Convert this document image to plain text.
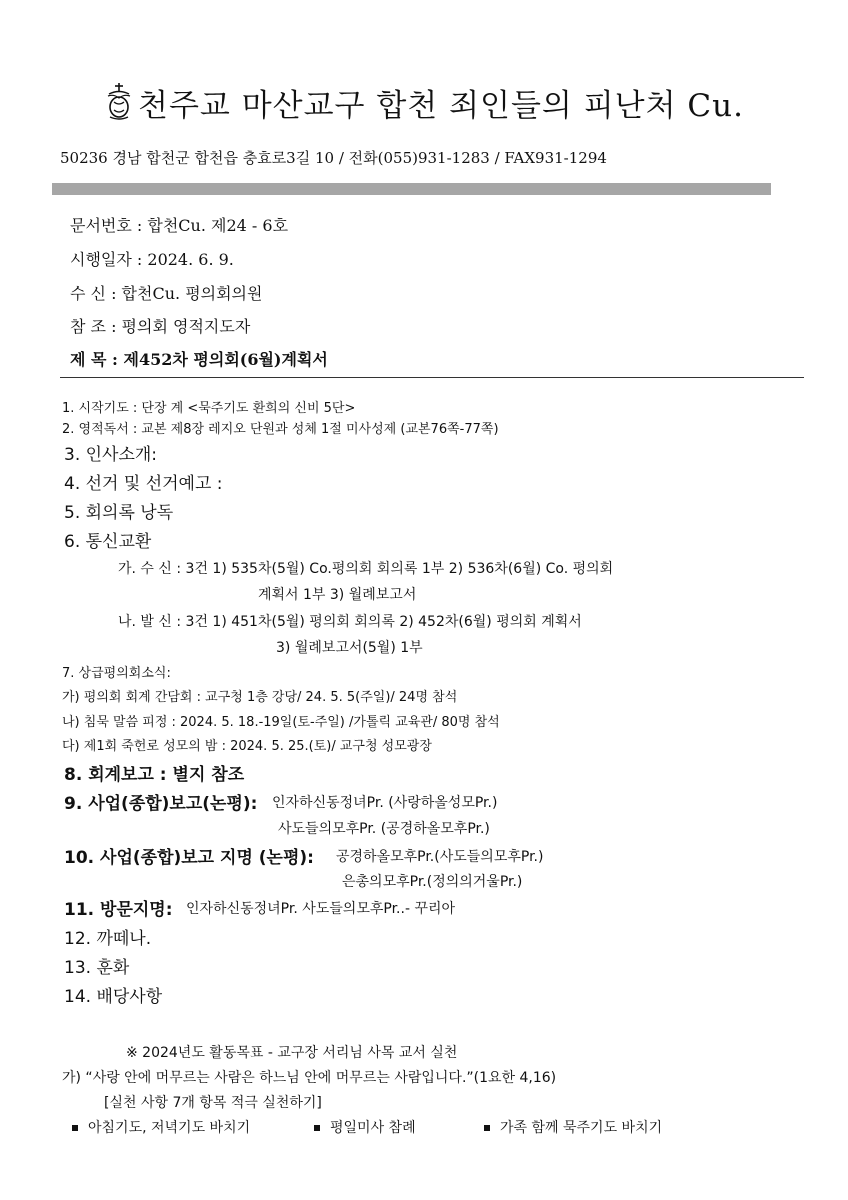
천주교 마산교구 합천 죄인들의 피난처 Cu.
50236 경남 합천군 합천읍 충효로3길 10 / 전화(055)931-1283 / FAX931-1294
문서번호 : 합천Cu. 제24 - 6호
시행일자 : 2024. 6. 9.
수 신 : 합천Cu. 평의회의원
참 조 : 평의회 영적지도자
제 목 : 제452차 평의회(6월)계획서
1. 시작기도 : 단장 계 <묵주기도 환희의 신비 5단>
2. 영적독서 : 교본 제8장 레지오 단원과 성체 1절 미사성제 (교본76쪽-77쪽)
3. 인사소개:
4. 선거 및 선거예고 :
5. 회의록 낭독
6. 통신교환
가. 수 신 : 3건 1) 535차(5월) Co.평의회 회의록 1부 2) 536차(6월) Co. 평의회
계획서 1부 3) 월례보고서
나. 발 신 : 3건 1) 451차(5월) 평의회 회의록 2) 452차(6월) 평의회 계획서
3) 월례보고서(5월) 1부
7. 상급평의회소식:
가) 평의회 회계 간담회 : 교구청 1층 강당/ 24. 5. 5(주일)/ 24명 참석
나) 침묵 말씀 피정 : 2024. 5. 18.-19일(토-주일) /가톨릭 교육관/ 80명 참석
다) 제1회 죽헌로 성모의 밤 : 2024. 5. 25.(토)/ 교구청 성모광장
8. 회계보고 : 별지 참조
9. 사업(종합)보고(논평): 인자하신동정녀Pr. (사랑하올성모Pr.)
사도들의모후Pr. (공경하올모후Pr.)
10. 사업(종합)보고 지명 (논평): 공경하올모후Pr.(사도들의모후Pr.)
은총의모후Pr.(정의의거울Pr.)
11. 방문지명: 인자하신동정녀Pr. 사도들의모후Pr..- 꾸리아
12. 까떼나.
13. 훈화
14. 배당사항
※ 2024년도 활동목표 - 교구장 서리님 사목 교서 실천
가) “사랑 안에 머무르는 사람은 하느님 안에 머무르는 사람입니다.”(1요한 4,16)
[실천 사항 7개 항목 적극 실천하기]
아침기도, 저녁기도 바치기	평일미사 참례	가족 함께 묵주기도 바치기
